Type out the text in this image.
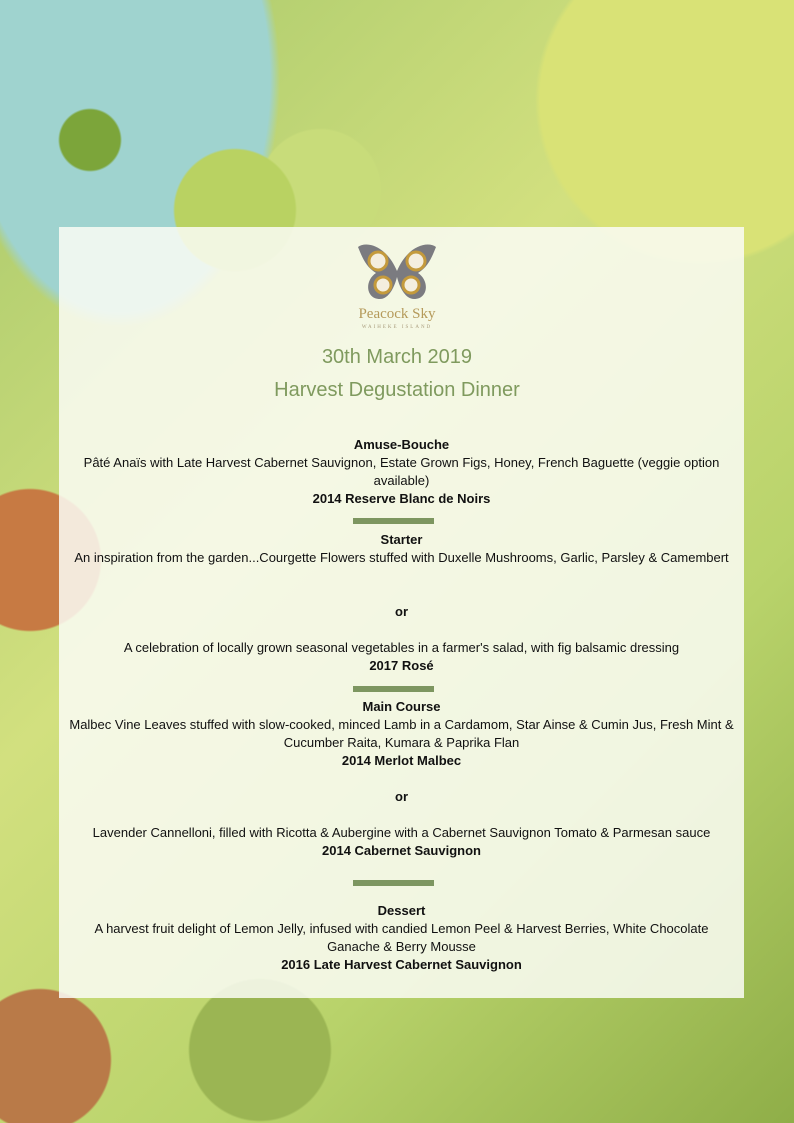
Peacock Sky
WAIHEKE ISLAND
30th March 2019
Harvest Degustation Dinner
Amuse-Bouche
Pâté Anaïs with Late Harvest Cabernet Sauvignon, Estate Grown Figs, Honey, French Baguette (veggie option available)
2014 Reserve Blanc de Noirs
Starter
An inspiration from the garden...Courgette Flowers stuffed with Duxelle Mushrooms, Garlic, Parsley & Camembert
or
A celebration of locally grown seasonal vegetables in a farmer's salad, with fig balsamic dressing
2017 Rosé
Main Course
Malbec Vine Leaves stuffed with slow-cooked, minced Lamb in a Cardamom, Star Ainse & Cumin Jus, Fresh Mint & Cucumber Raita, Kumara & Paprika Flan
2014 Merlot Malbec
or
Lavender Cannelloni, filled with Ricotta & Aubergine with a Cabernet Sauvignon Tomato & Parmesan sauce
2014 Cabernet Sauvignon
Dessert
A harvest fruit delight of Lemon Jelly, infused with candied Lemon Peel & Harvest Berries, White Chocolate Ganache & Berry Mousse
2016 Late Harvest Cabernet Sauvignon
